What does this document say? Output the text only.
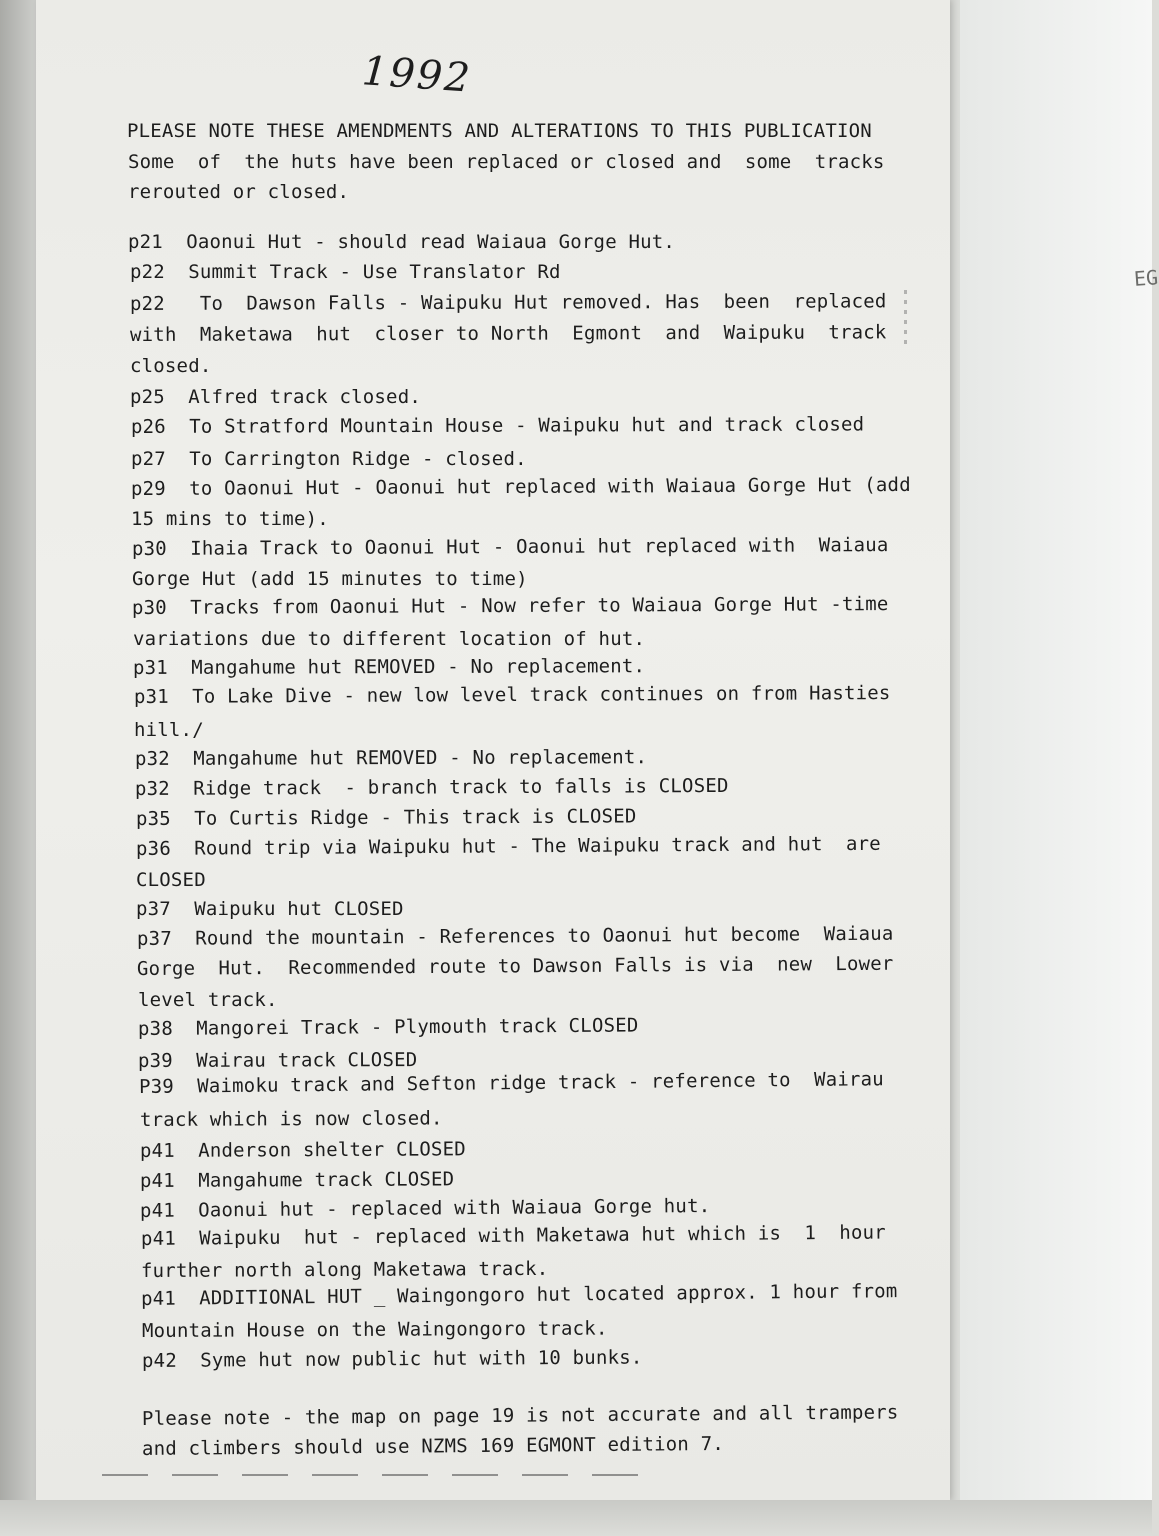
EG
1992
PLEASE NOTE THESE AMENDMENTS AND ALTERATIONS TO THIS PUBLICATION
Some  of  the huts have been replaced or closed and  some  tracks
rerouted or closed.
p21  Oaonui Hut - should read Waiaua Gorge Hut.
p22  Summit Track - Use Translator Rd
p22   To  Dawson Falls - Waipuku Hut removed. Has  been  replaced
with  Maketawa  hut  closer to North  Egmont  and  Waipuku  track
closed.
p25  Alfred track closed.
p26  To Stratford Mountain House - Waipuku hut and track closed
p27  To Carrington Ridge - closed.
p29  to Oaonui Hut - Oaonui hut replaced with Waiaua Gorge Hut (add
15 mins to time).
p30  Ihaia Track to Oaonui Hut - Oaonui hut replaced with  Waiaua
Gorge Hut (add 15 minutes to time)
p30  Tracks from Oaonui Hut - Now refer to Waiaua Gorge Hut -time
variations due to different location of hut.
p31  Mangahume hut REMOVED - No replacement.
p31  To Lake Dive - new low level track continues on from Hasties
hill./
p32  Mangahume hut REMOVED - No replacement.
p32  Ridge track  - branch track to falls is CLOSED
p35  To Curtis Ridge - This track is CLOSED
p36  Round trip via Waipuku hut - The Waipuku track and hut  are
CLOSED
p37  Waipuku hut CLOSED
p37  Round the mountain - References to Oaonui hut become  Waiaua
Gorge  Hut.  Recommended route to Dawson Falls is via  new  Lower
level track.
p38  Mangorei Track - Plymouth track CLOSED
p39  Wairau track CLOSED
P39  Waimoku track and Sefton ridge track - reference to  Wairau
track which is now closed.
p41  Anderson shelter CLOSED
p41  Mangahume track CLOSED
p41  Oaonui hut - replaced with Waiaua Gorge hut.
p41  Waipuku  hut - replaced with Maketawa hut which is  1  hour
further north along Maketawa track.
p41  ADDITIONAL HUT _ Waingongoro hut located approx. 1 hour from
Mountain House on the Waingongoro track.
p42  Syme hut now public hut with 10 bunks.
Please note - the map on page 19 is not accurate and all trampers
and climbers should use NZMS 169 EGMONT edition 7.
